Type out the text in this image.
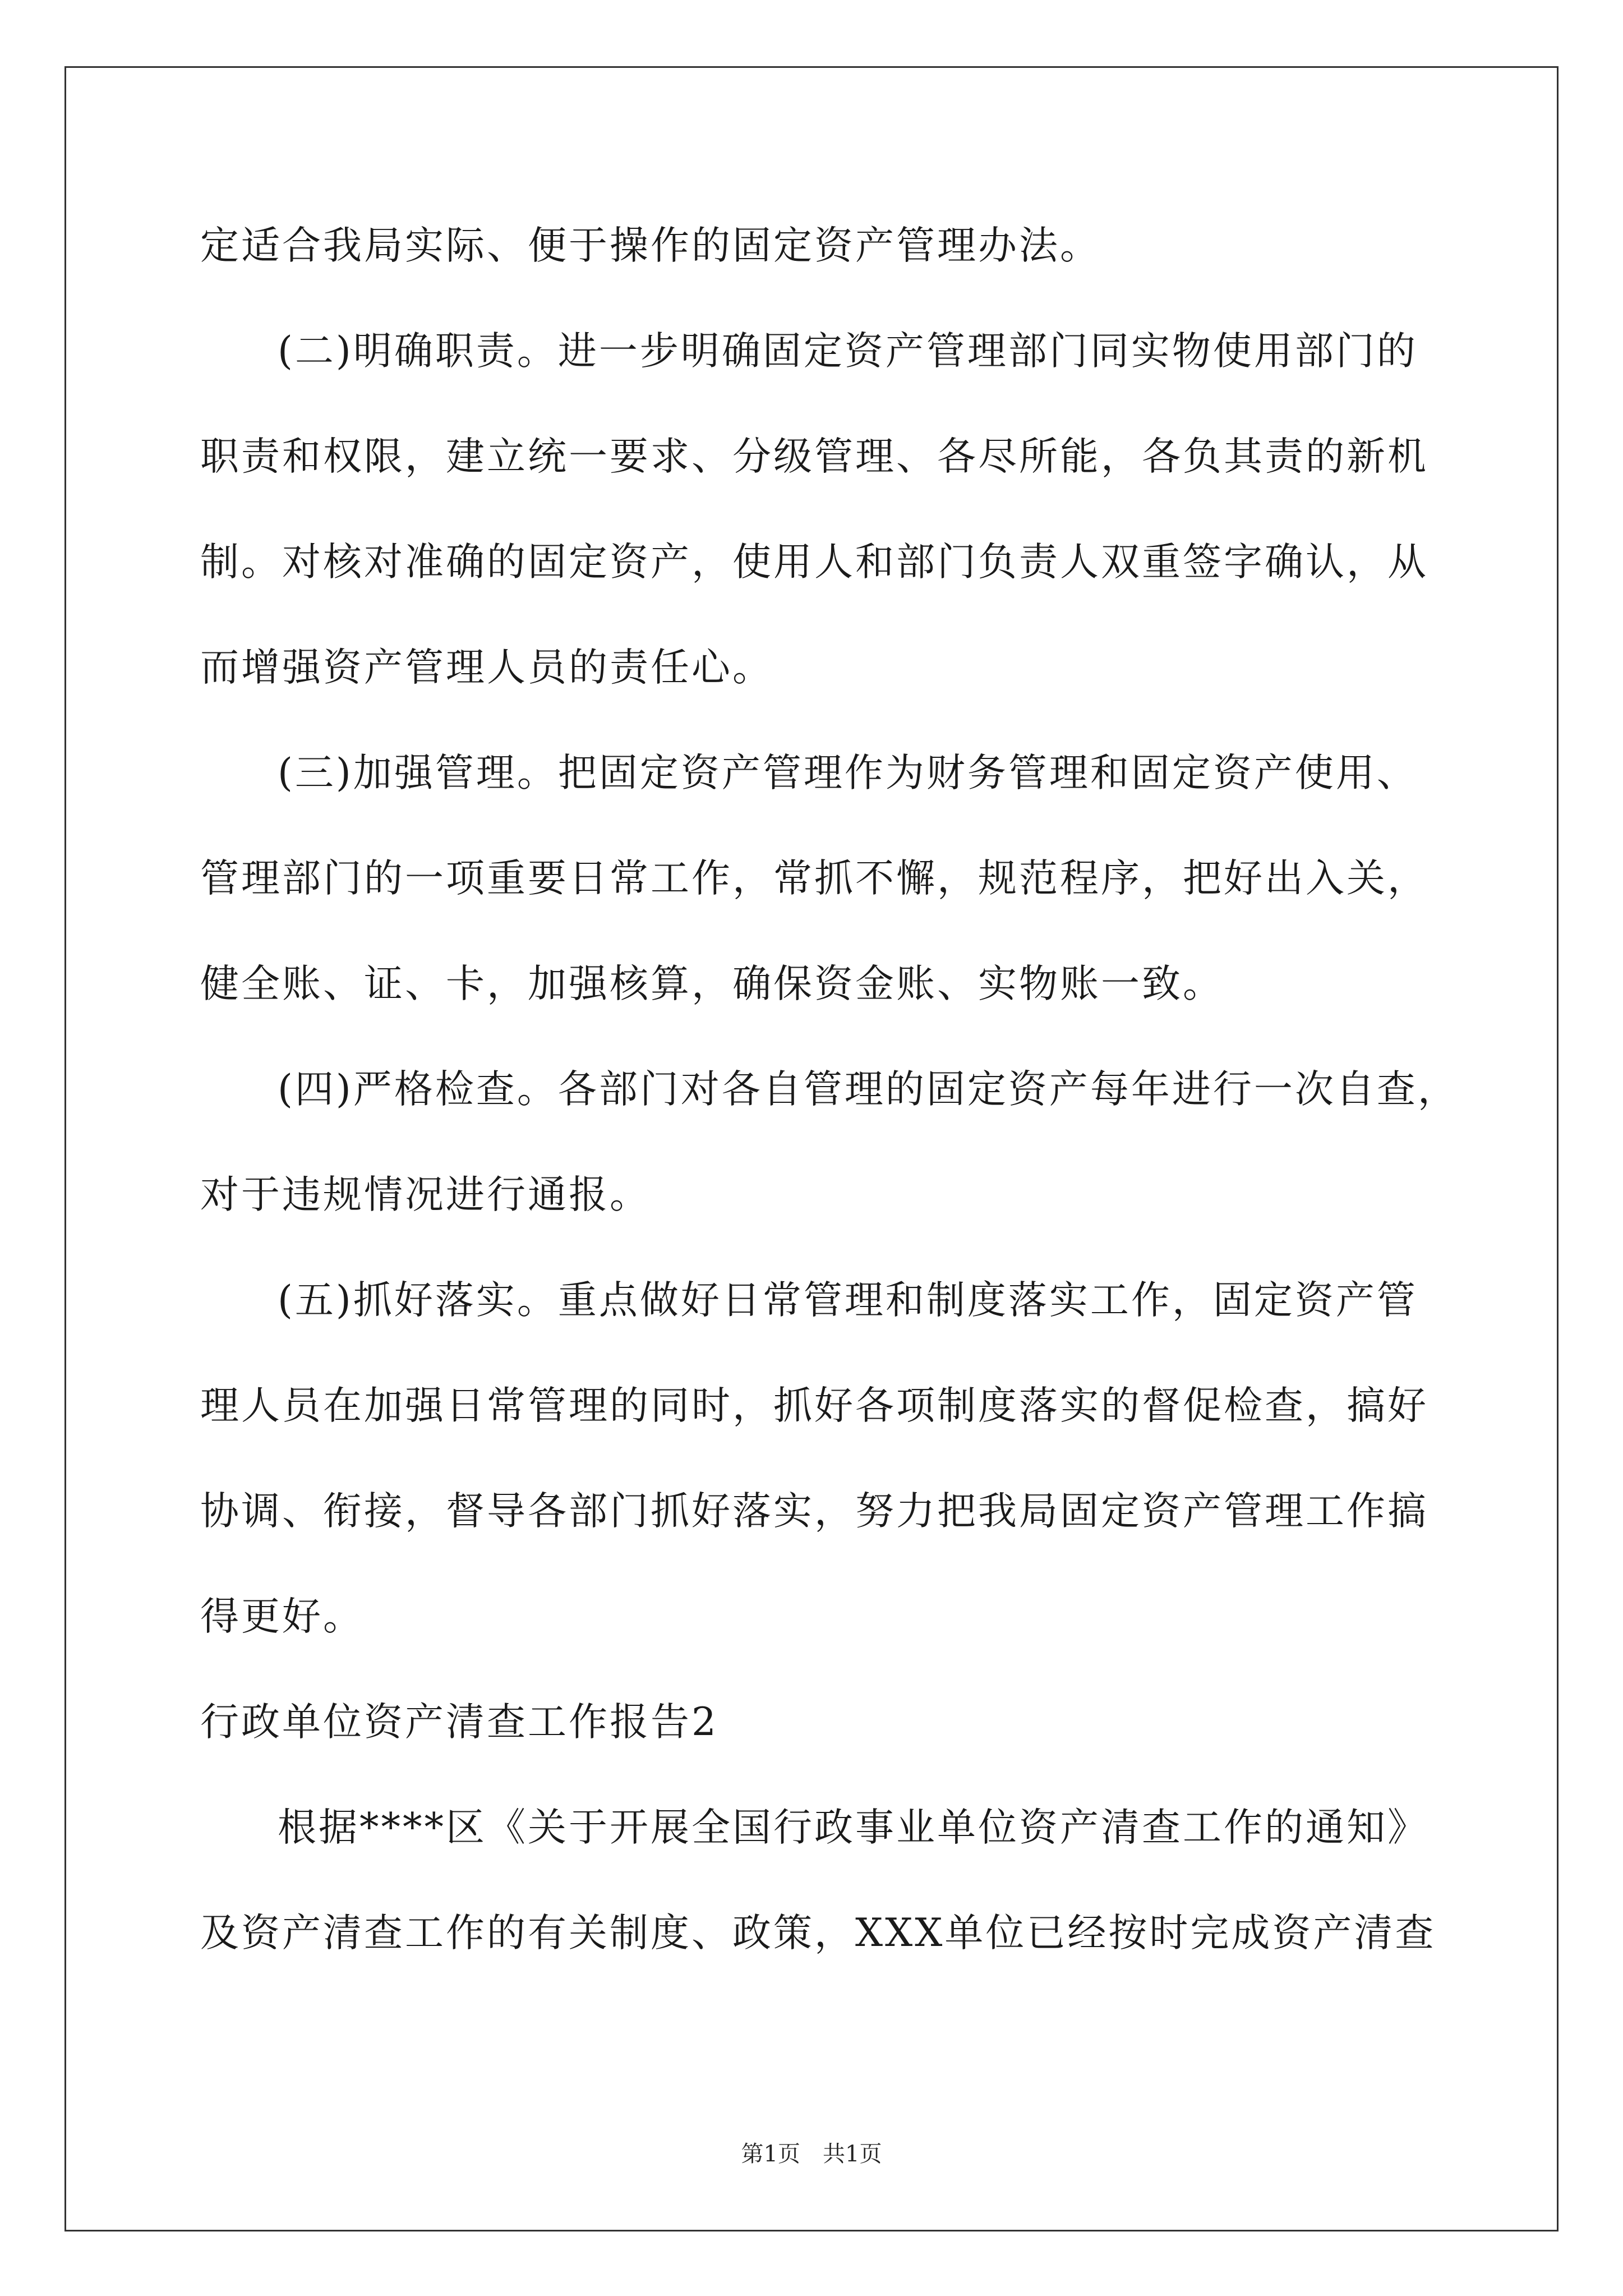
定适合我局实际、便于操作的固定资产管理办法。
(二)明确职责。进一步明确固定资产管理部门同实物使用部门的
职责和权限，建立统一要求、分级管理、各尽所能，各负其责的新机
制。对核对准确的固定资产，使用人和部门负责人双重签字确认，从
而增强资产管理人员的责任心。
(三)加强管理。把固定资产管理作为财务管理和固定资产使用、
管理部门的一项重要日常工作，常抓不懈，规范程序，把好出入关，
健全账、证、卡，加强核算，确保资金账、实物账一致。
(四)严格检查。各部门对各自管理的固定资产每年进行一次自查，
对于违规情况进行通报。
(五)抓好落实。重点做好日常管理和制度落实工作，固定资产管
理人员在加强日常管理的同时，抓好各项制度落实的督促检查，搞好
协调、衔接，督导各部门抓好落实，努力把我局固定资产管理工作搞
得更好。
行政单位资产清查工作报告2
根据****区《关于开展全国行政事业单位资产清查工作的通知》
及资产清查工作的有关制度、政策，XXX单位已经按时完成资产清查
第1页 共1页
